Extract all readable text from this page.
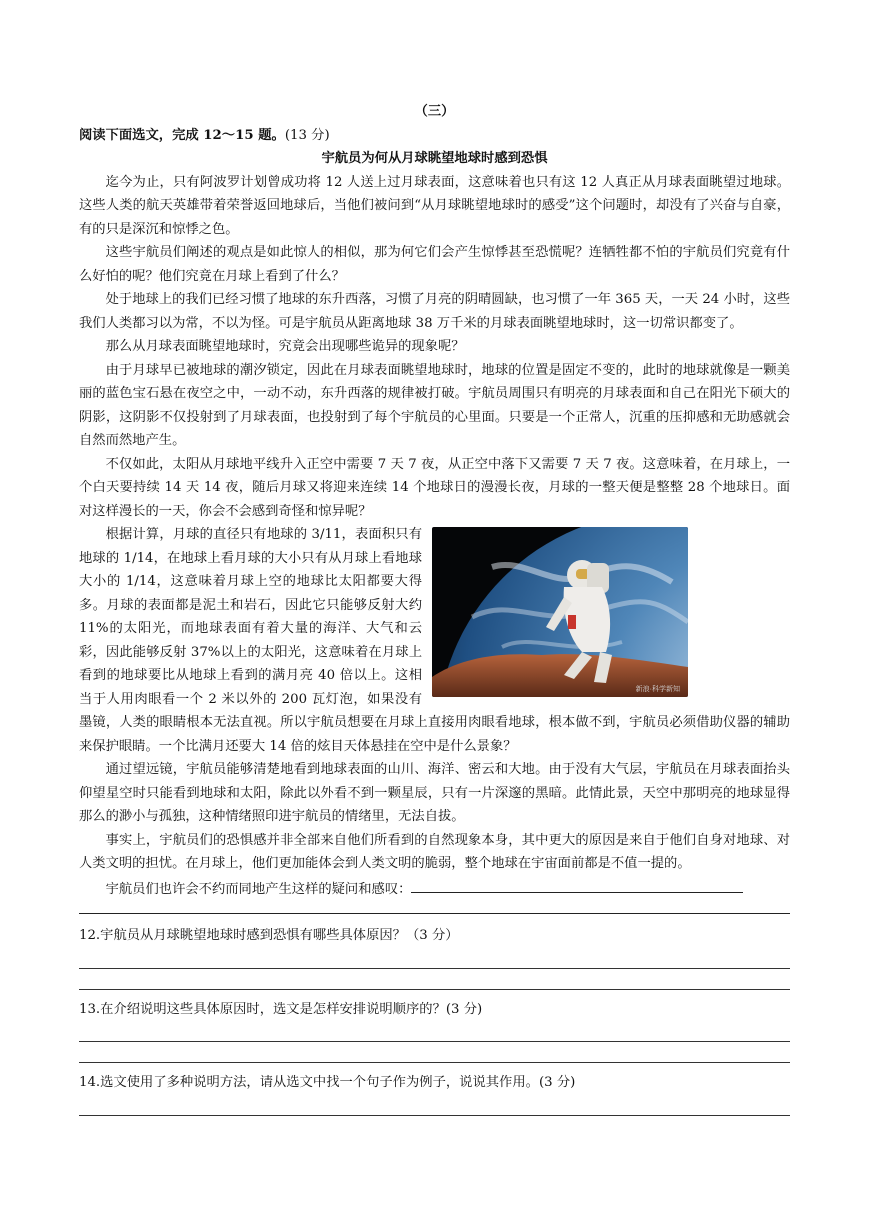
（三）
阅读下面选文，完成 12～15 题。(13 分)
宇航员为何从月球眺望地球时感到恐惧

迄今为止，只有阿波罗计划曾成功将 12 人送上过月球表面，这意味着也只有这 12 人真正从月球表面眺望过地球。这些人类的航天英雄带着荣誉返回地球后，当他们被问到“从月球眺望地球时的感受”这个问题时，却没有了兴奋与自豪，有的只是深沉和惊悸之色。

这些宇航员们阐述的观点是如此惊人的相似，那为何它们会产生惊悸甚至恐慌呢？连牺牲都不怕的宇航员们究竟有什么好怕的呢？他们究竟在月球上看到了什么？

处于地球上的我们已经习惯了地球的东升西落，习惯了月亮的阴晴圆缺，也习惯了一年 365 天，一天 24 小时，这些我们人类都习以为常，不以为怪。可是宇航员从距离地球 38 万千米的月球表面眺望地球时，这一切常识都变了。

那么从月球表面眺望地球时，究竟会出现哪些诡异的现象呢？

由于月球早已被地球的潮汐锁定，因此在月球表面眺望地球时，地球的位置是固定不变的，此时的地球就像是一颗美丽的蓝色宝石悬在夜空之中，一动不动，东升西落的规律被打破。宇航员周围只有明亮的月球表面和自己在阳光下硕大的阴影，这阴影不仅投射到了月球表面，也投射到了每个宇航员的心里面。只要是一个正常人，沉重的压抑感和无助感就会自然而然地产生。

不仅如此，太阳从月球地平线升入正空中需要 7 天 7 夜，从正空中落下又需要 7 天 7 夜。这意味着，在月球上，一个白天要持续 14 天 14 夜，随后月球又将迎来连续 14 个地球日的漫漫长夜，月球的一整天便是整整 28 个地球日。面对这样漫长的一天，你会不会感到奇怪和惊异呢？

新浪·科学新知

根据计算，月球的直径只有地球的 3/11，表面积只有地球的 1/14，在地球上看月球的大小只有从月球上看地球大小的 1/14，这意味着月球上空的地球比太阳都要大得多。月球的表面都是泥土和岩石，因此它只能够反射大约 11%的太阳光，而地球表面有着大量的海洋、大气和云彩，因此能够反射 37%以上的太阳光，这意味着在月球上看到的地球要比从地球上看到的满月亮 40 倍以上。这相当于人用肉眼看一个 2 米以外的 200 瓦灯泡，如果没有墨镜，人类的眼睛根本无法直视。所以宇航员想要在月球上直接用肉眼看地球，根本做不到，宇航员必须借助仪器的辅助来保护眼睛。一个比满月还要大 14 倍的炫目天体悬挂在空中是什么景象？

通过望远镜，宇航员能够清楚地看到地球表面的山川、海洋、密云和大地。由于没有大气层，宇航员在月球表面抬头仰望星空时只能看到地球和太阳，除此以外看不到一颗星辰，只有一片深邃的黑暗。此情此景，天空中那明亮的地球显得那么的渺小与孤独，这种情绪照印进宇航员的情绪里，无法自拔。

事实上，宇航员们的恐惧感并非全部来自他们所看到的自然现象本身，其中更大的原因是来自于他们自身对地球、对人类文明的担忧。在月球上，他们更加能体会到人类文明的脆弱，整个地球在宇宙面前都是不值一提的。

宇航员们也许会不约而同地产生这样的疑问和感叹：

12.宇航员从月球眺望地球时感到恐惧有哪些具体原因？（3 分）
13.在介绍说明这些具体原因时，选文是怎样安排说明顺序的？(3 分)
14.选文使用了多种说明方法，请从选文中找一个句子作为例子，说说其作用。(3 分)
